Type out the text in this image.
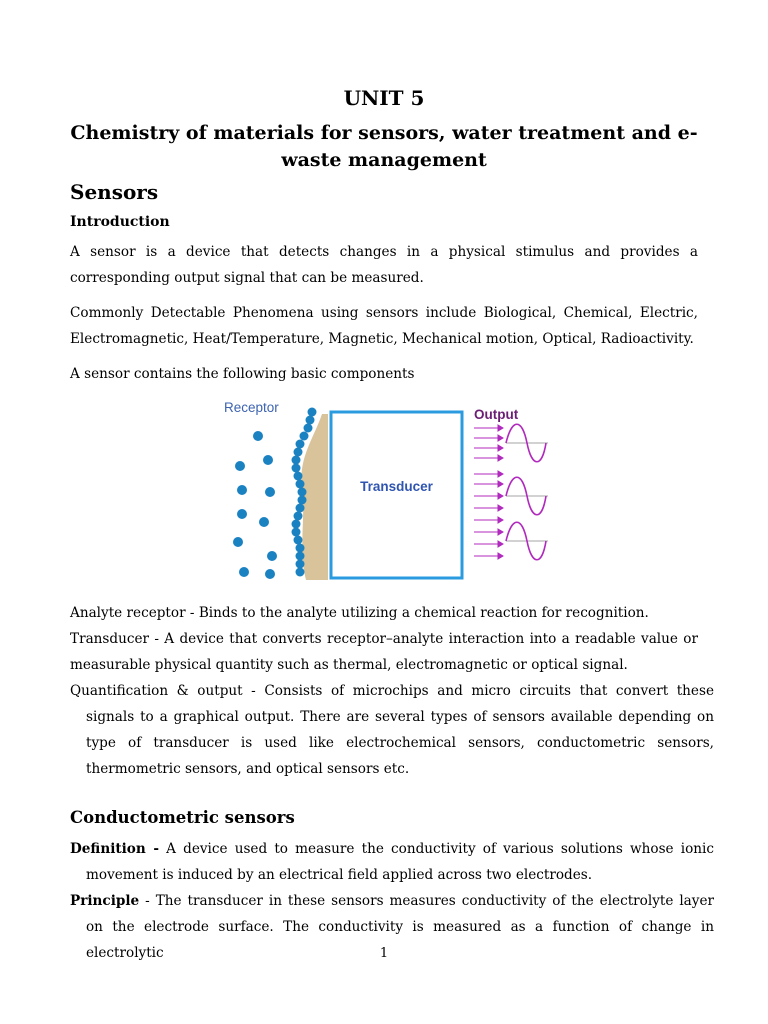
UNIT 5

Chemistry of materials for sensors, water treatment and e-waste management

Sensors

Introduction

A sensor is a device that detects changes in a physical stimulus and provides a corresponding output signal that can be measured.

Commonly Detectable Phenomena using sensors include Biological, Chemical, Electric, Electromagnetic, Heat/Temperature, Magnetic, Mechanical motion, Optical, Radioactivity.

A sensor contains the following basic components

Receptor
Transducer
Output

Analyte receptor - Binds to the analyte utilizing a chemical reaction for recognition.

Transducer - A device that converts receptor–analyte interaction into a readable value or measurable physical quantity such as thermal, electromagnetic or optical signal.

Quantification & output - Consists of microchips and micro circuits that convert these signals to a graphical output. There are several types of sensors available depending on type of transducer is used like electrochemical sensors, conductometric sensors, thermometric sensors, and optical sensors etc.

Conductometric sensors

Definition - A device used to measure the conductivity of various solutions whose ionic movement is induced by an electrical field applied across two electrodes.

Principle - The transducer in these sensors measures conductivity of the electrolyte layer on the electrode surface. The conductivity is measured as a function of change in electrolytic	1
